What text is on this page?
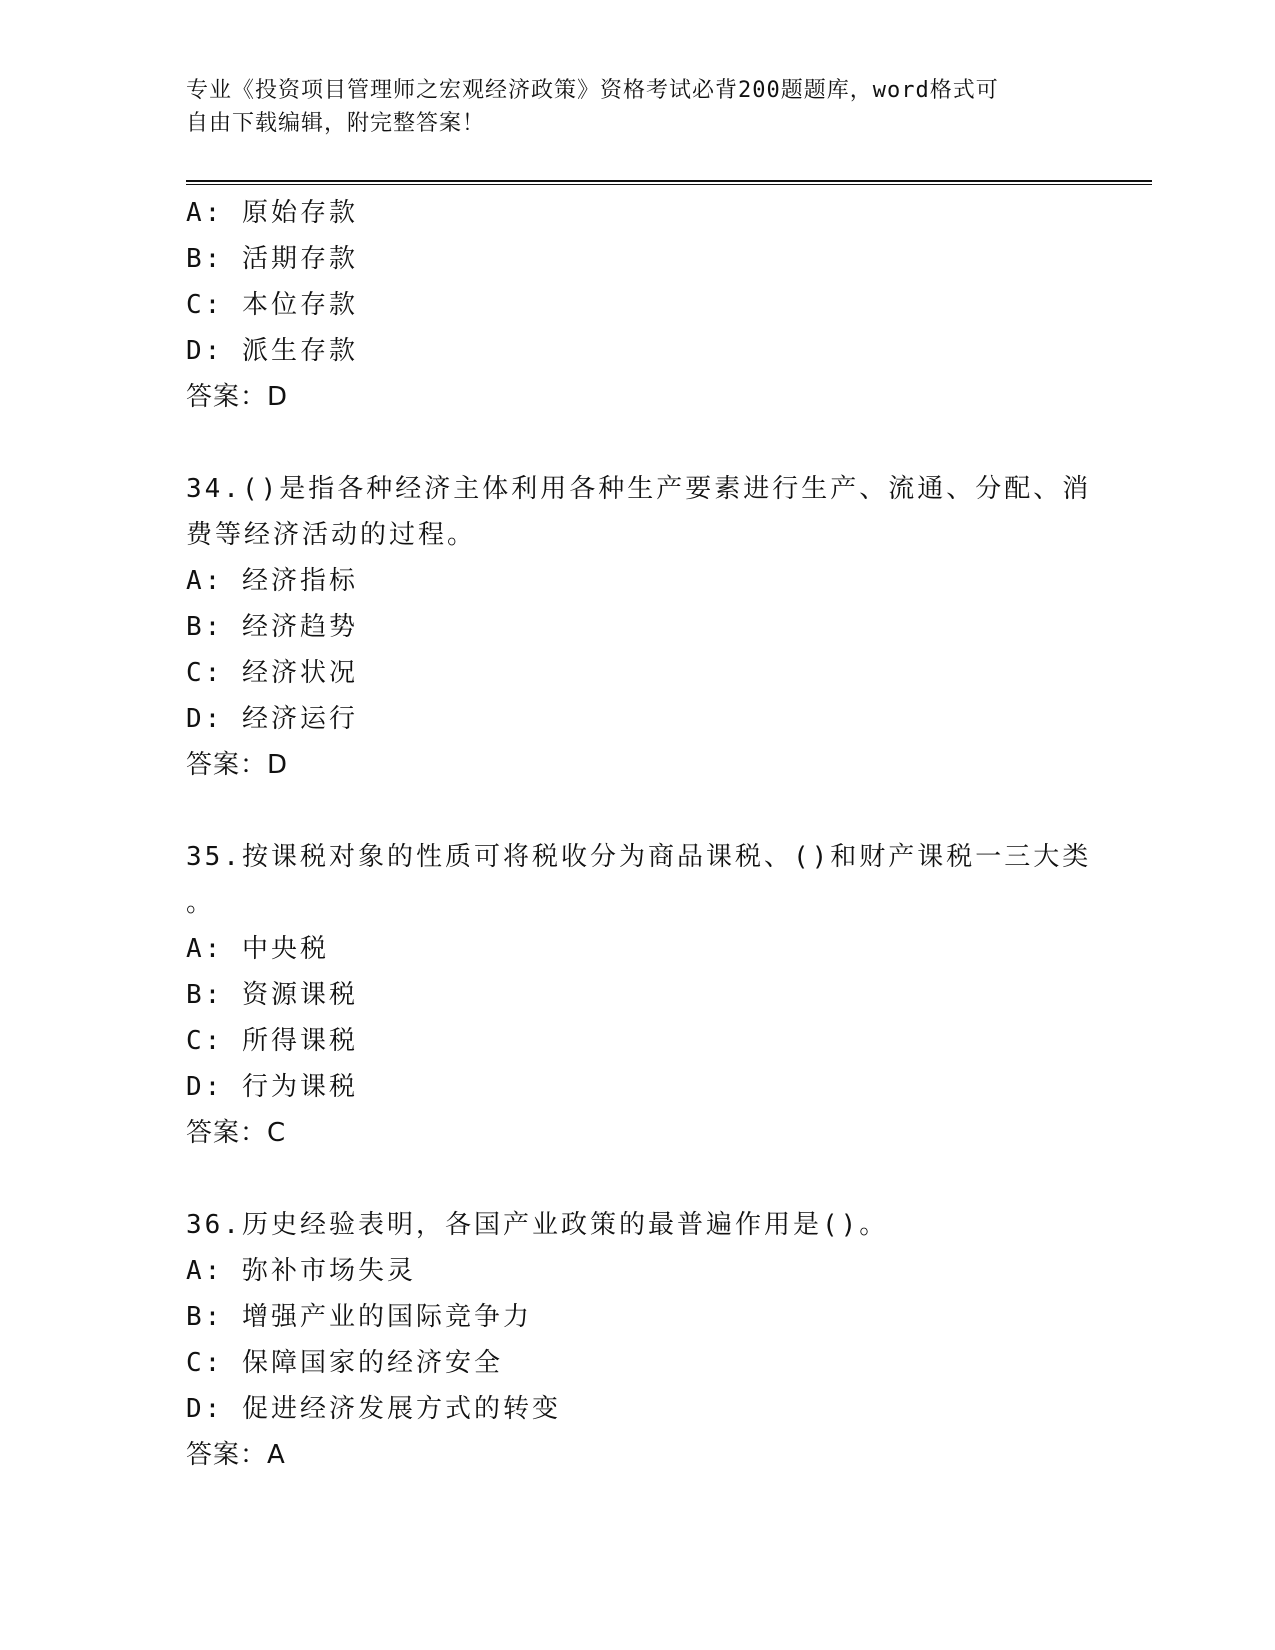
专业《投资项目管理师之宏观经济政策》资格考试必背200题题库，word格式可
自由下载编辑，附完整答案！
A: 原始存款
B: 活期存款
C: 本位存款
D: 派生存款
答案：D
34.()是指各种经济主体利用各种生产要素进行生产、流通、分配、消
费等经济活动的过程。
A: 经济指标
B: 经济趋势
C: 经济状况
D: 经济运行
答案：D
35.按课税对象的性质可将税收分为商品课税、()和财产课税一三大类
。
A: 中央税
B: 资源课税
C: 所得课税
D: 行为课税
答案：C
36.历史经验表明，各国产业政策的最普遍作用是()。
A: 弥补市场失灵
B: 增强产业的国际竞争力
C: 保障国家的经济安全
D: 促进经济发展方式的转变
答案：A
